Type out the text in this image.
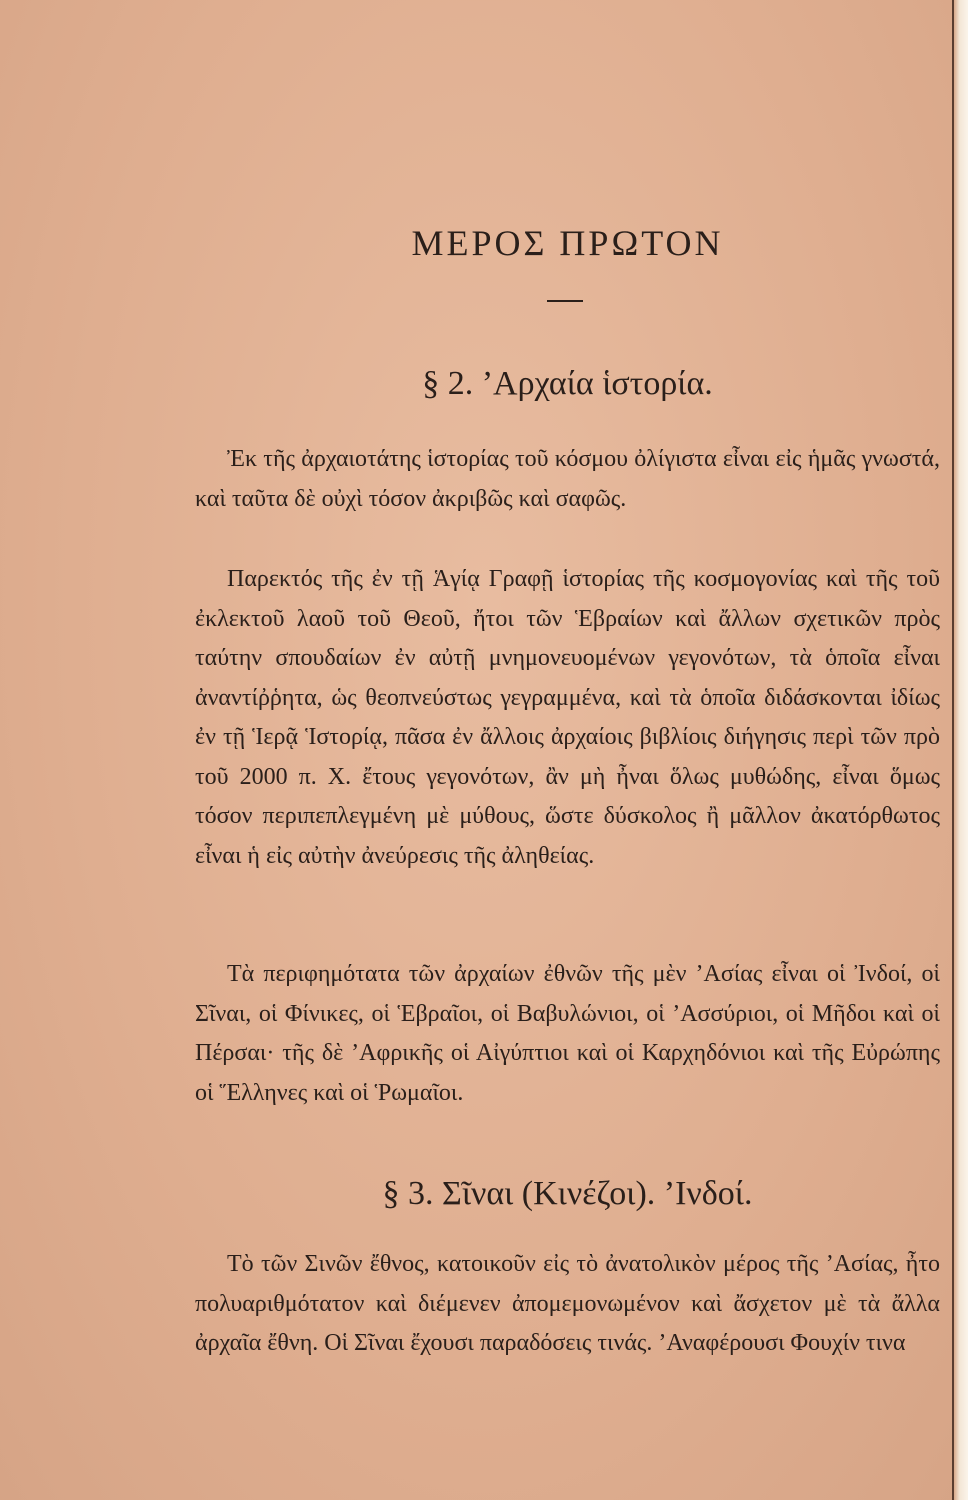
ΜΕΡΟΣ ΠΡΩΤΟΝ
§ 2. ’Αρχαία ἱστορία.
Ἐκ τῆς ἀρχαιοτάτης ἱστορίας τοῦ κόσμου ὀλίγιστα εἶναι εἰς ἡμᾶς γνωστά, καὶ ταῦτα δὲ οὐχὶ τόσον ἀκριβῶς καὶ σαφῶς.
Παρεκτός τῆς ἐν τῇ Ἁγίᾳ Γραφῇ ἱστορίας τῆς κοσμογονίας καὶ τῆς τοῦ ἐκλεκτοῦ λαοῦ τοῦ Θεοῦ, ἤτοι τῶν Ἑβραίων καὶ ἄλλων σχετικῶν πρὸς ταύτην σπουδαίων ἐν αὐτῇ μνημονευομένων γεγονότων, τὰ ὁποῖα εἶναι ἀναντίῤῥητα, ὡς θεοπνεύστως γεγραμμένα, καὶ τὰ ὁποῖα διδάσκονται ἰδίως ἐν τῇ Ἱερᾷ Ἱστορίᾳ, πᾶσα ἐν ἄλλοις ἀρχαίοις βιβλίοις διήγησις περὶ τῶν πρὸ τοῦ 2000 π. Χ. ἔτους γεγονότων, ἂν μὴ ἦναι ὅλως μυθώδης, εἶναι ὅμως τόσον περιπεπλεγμένη μὲ μύθους, ὥστε δύσκολος ἢ μᾶλλον ἀκατόρθωτος εἶναι ἡ εἰς αὐτὴν ἀνεύρεσις τῆς ἀληθείας.
Τὰ περιφημότατα τῶν ἀρχαίων ἐθνῶν τῆς μὲν ’Ασίας εἶναι οἱ Ἰνδοί, οἱ Σῖναι, οἱ Φίνικες, οἱ Ἑβραῖοι, οἱ Βαβυλώνιοι, οἱ ’Ασσύριοι, οἱ Μῆδοι καὶ οἱ Πέρσαι· τῆς δὲ ’Αφρικῆς οἱ Αἰγύπτιοι καὶ οἱ Καρχηδόνιοι καὶ τῆς Εὐρώπης οἱ Ἕλληνες καὶ οἱ Ῥωμαῖοι.
§ 3. Σῖναι (Κινέζοι). ’Ινδοί.
Τὸ τῶν Σινῶν ἔθνος, κατοικοῦν εἰς τὸ ἀνατολικὸν μέρος τῆς ’Ασίας, ἦτο πολυαριθμότατον καὶ διέμενεν ἀπομεμονωμένον καὶ ἄσχετον μὲ τὰ ἄλλα ἀρχαῖα ἔθνη. Οἱ Σῖναι ἔχουσι παραδόσεις τινάς. ’Αναφέρουσι Φουχίν τινα
